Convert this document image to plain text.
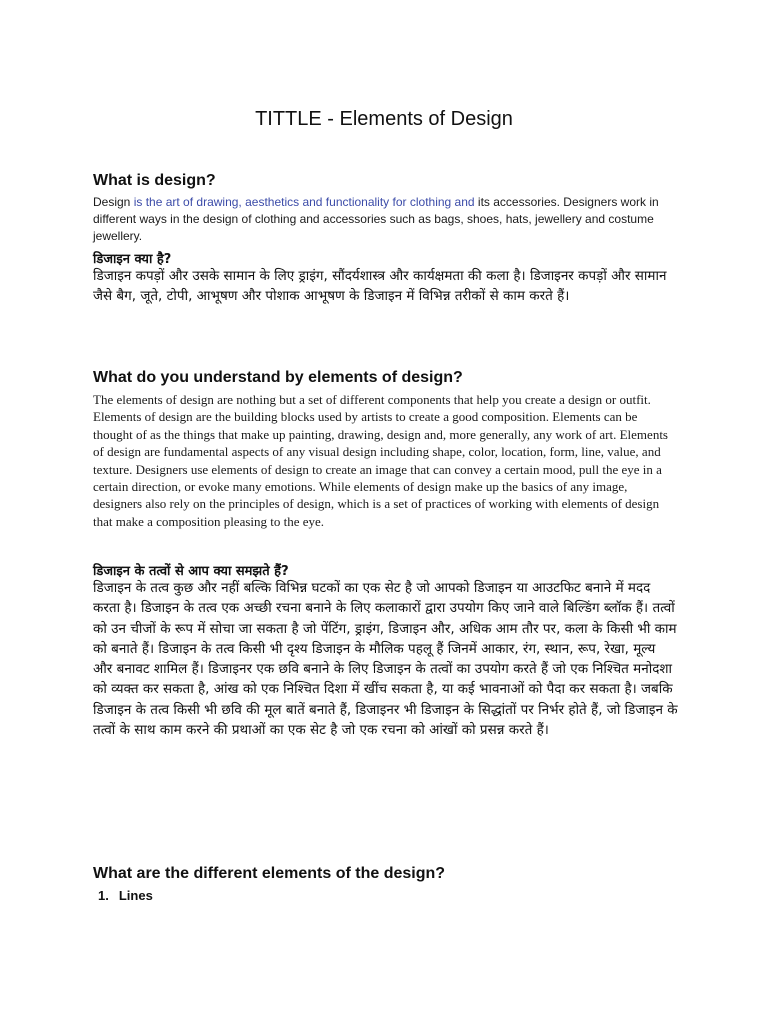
TITTLE - Elements of Design
What is design?

Design is the art of drawing, aesthetics and functionality for clothing and its accessories. Designers work in different ways in the design of clothing and accessories such as bags, shoes, hats, jewellery and costume jewellery.

डिजाइन क्या है?

डिजाइन कपड़ों और उसके सामान के लिए ड्राइंग, सौंदर्यशास्त्र और कार्यक्षमता की कला है। डिजाइनर कपड़ों और सामान जैसे बैग, जूते, टोपी, आभूषण और पोशाक आभूषण के डिजाइन में विभिन्न तरीकों से काम करते हैं।

What do you understand by elements of design?

The elements of design are nothing but a set of different components that help you create a design or outfit. Elements of design are the building blocks used by artists to create a good composition. Elements can be thought of as the things that make up painting, drawing, design and, more generally, any work of art. Elements of design are fundamental aspects of any visual design including shape, color, location, form, line, value, and texture. Designers use elements of design to create an image that can convey a certain mood, pull the eye in a certain direction, or evoke many emotions. While elements of design make up the basics of any image, designers also rely on the principles of design, which is a set of practices of working with elements of design that make a composition pleasing to the eye.

डिजाइन के तत्वों से आप क्या समझते हैं?

डिजाइन के तत्व कुछ और नहीं बल्कि विभिन्न घटकों का एक सेट है जो आपको डिजाइन या आउटफिट बनाने में मदद करता है। डिजाइन के तत्व एक अच्छी रचना बनाने के लिए कलाकारों द्वारा उपयोग किए जाने वाले बिल्डिंग ब्लॉक हैं। तत्वों को उन चीजों के रूप में सोचा जा सकता है जो पेंटिंग, ड्राइंग, डिजाइन और, अधिक आम तौर पर, कला के किसी भी काम को बनाते हैं। डिजाइन के तत्व किसी भी दृश्य डिजाइन के मौलिक पहलू हैं जिनमें आकार, रंग, स्थान, रूप, रेखा, मूल्य और बनावट शामिल हैं। डिजाइनर एक छवि बनाने के लिए डिजाइन के तत्वों का उपयोग करते हैं जो एक निश्चित मनोदशा को व्यक्त कर सकता है, आंख को एक निश्चित दिशा में खींच सकता है, या कई भावनाओं को पैदा कर सकता है। जबकि डिजाइन के तत्व किसी भी छवि की मूल बातें बनाते हैं, डिजाइनर भी डिजाइन के सिद्धांतों पर निर्भर होते हैं, जो डिजाइन के तत्वों के साथ काम करने की प्रथाओं का एक सेट है जो एक रचना को आंखों को प्रसन्न करते हैं।

What are the different elements of the design?
1. Lines
